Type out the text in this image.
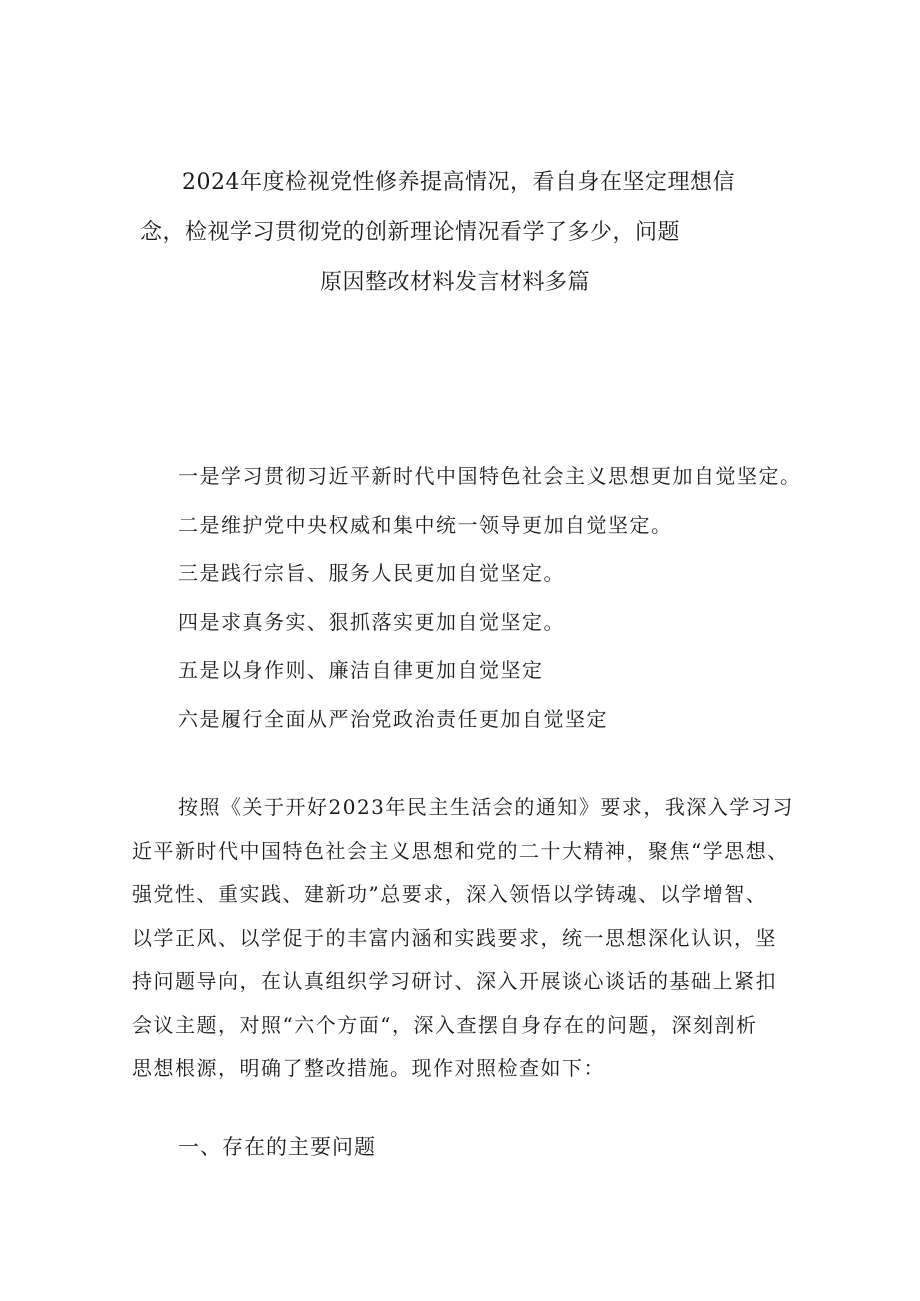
2024年度检视党性修养提高情况，看自身在坚定理想信
念，检视学习贯彻党的创新理论情况看学了多少，问题
原因整改材料发言材料多篇
一是学习贯彻习近平新时代中国特色社会主义思想更加自觉坚定。
二是维护党中央权威和集中统一领导更加自觉坚定。
三是践行宗旨、服务人民更加自觉坚定。
四是求真务实、狠抓落实更加自觉坚定。
五是以身作则、廉洁自律更加自觉坚定
六是履行全面从严治党政治责任更加自觉坚定
按照《关于开好2023年民主生活会的通知》要求，我深入学习习
近平新时代中国特色社会主义思想和党的二十大精神，聚焦“学思想、
强党性、重实践、建新功”总要求，深入领悟以学铸魂、以学增智、
以学正风、以学促于的丰富内涵和实践要求，统一思想深化认识，坚
持问题导向，在认真组织学习研讨、深入开展谈心谈话的基础上紧扣
会议主题，对照“六个方面“，深入查摆自身存在的问题，深刻剖析
思想根源，明确了整改措施。现作对照检查如下：
一、存在的主要问题
